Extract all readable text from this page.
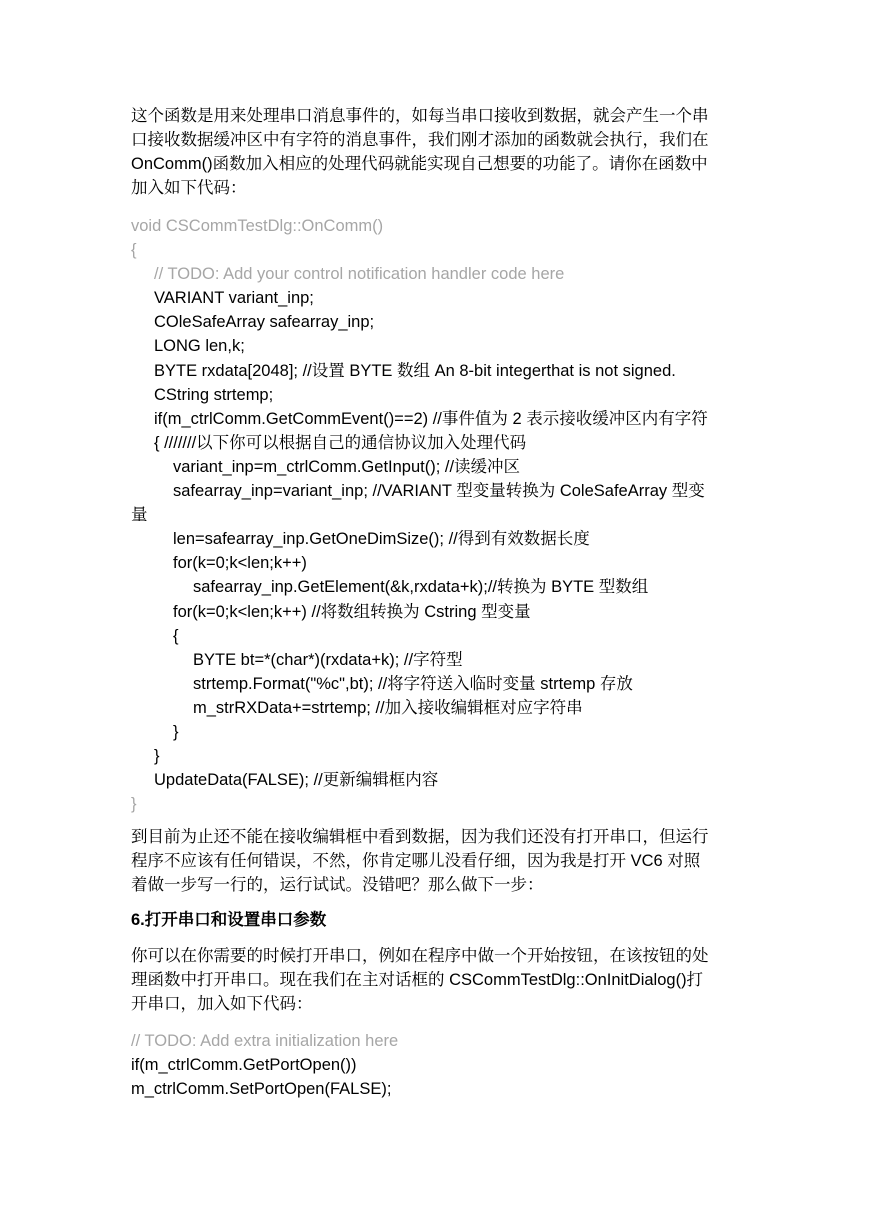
这个函数是用来处理串口消息事件的，如每当串口接收到数据，就会产生一个串
口接收数据缓冲区中有字符的消息事件，我们刚才添加的函数就会执行，我们在
OnComm()函数加入相应的处理代码就能实现自己想要的功能了。请你在函数中
加入如下代码：
void CSCommTestDlg::OnComm()
{
// TODO: Add your control notification handler code here
VARIANT variant_inp;
COleSafeArray safearray_inp;
LONG len,k;
BYTE rxdata[2048]; //设置 BYTE 数组 An 8-bit integerthat is not signed.
CString strtemp;
if(m_ctrlComm.GetCommEvent()==2) //事件值为 2 表示接收缓冲区内有字符
{ ///////以下你可以根据自己的通信协议加入处理代码
variant_inp=m_ctrlComm.GetInput(); //读缓冲区
safearray_inp=variant_inp; //VARIANT 型变量转换为 ColeSafeArray 型变
量
len=safearray_inp.GetOneDimSize(); //得到有效数据长度
for(k=0;k<len;k++)
safearray_inp.GetElement(&k,rxdata+k);//转换为 BYTE 型数组
for(k=0;k<len;k++) //将数组转换为 Cstring 型变量
{
BYTE bt=*(char*)(rxdata+k); //字符型
strtemp.Format("%c",bt); //将字符送入临时变量 strtemp 存放
m_strRXData+=strtemp; //加入接收编辑框对应字符串
}
}
UpdateData(FALSE); //更新编辑框内容
}
到目前为止还不能在接收编辑框中看到数据，因为我们还没有打开串口，但运行
程序不应该有任何错误，不然，你肯定哪儿没看仔细，因为我是打开 VC6 对照
着做一步写一行的，运行试试。没错吧？那么做下一步：
6.打开串口和设置串口参数
你可以在你需要的时候打开串口，例如在程序中做一个开始按钮，在该按钮的处
理函数中打开串口。现在我们在主对话框的 CSCommTestDlg::OnInitDialog()打
开串口，加入如下代码：
// TODO: Add extra initialization here
if(m_ctrlComm.GetPortOpen())
m_ctrlComm.SetPortOpen(FALSE);
